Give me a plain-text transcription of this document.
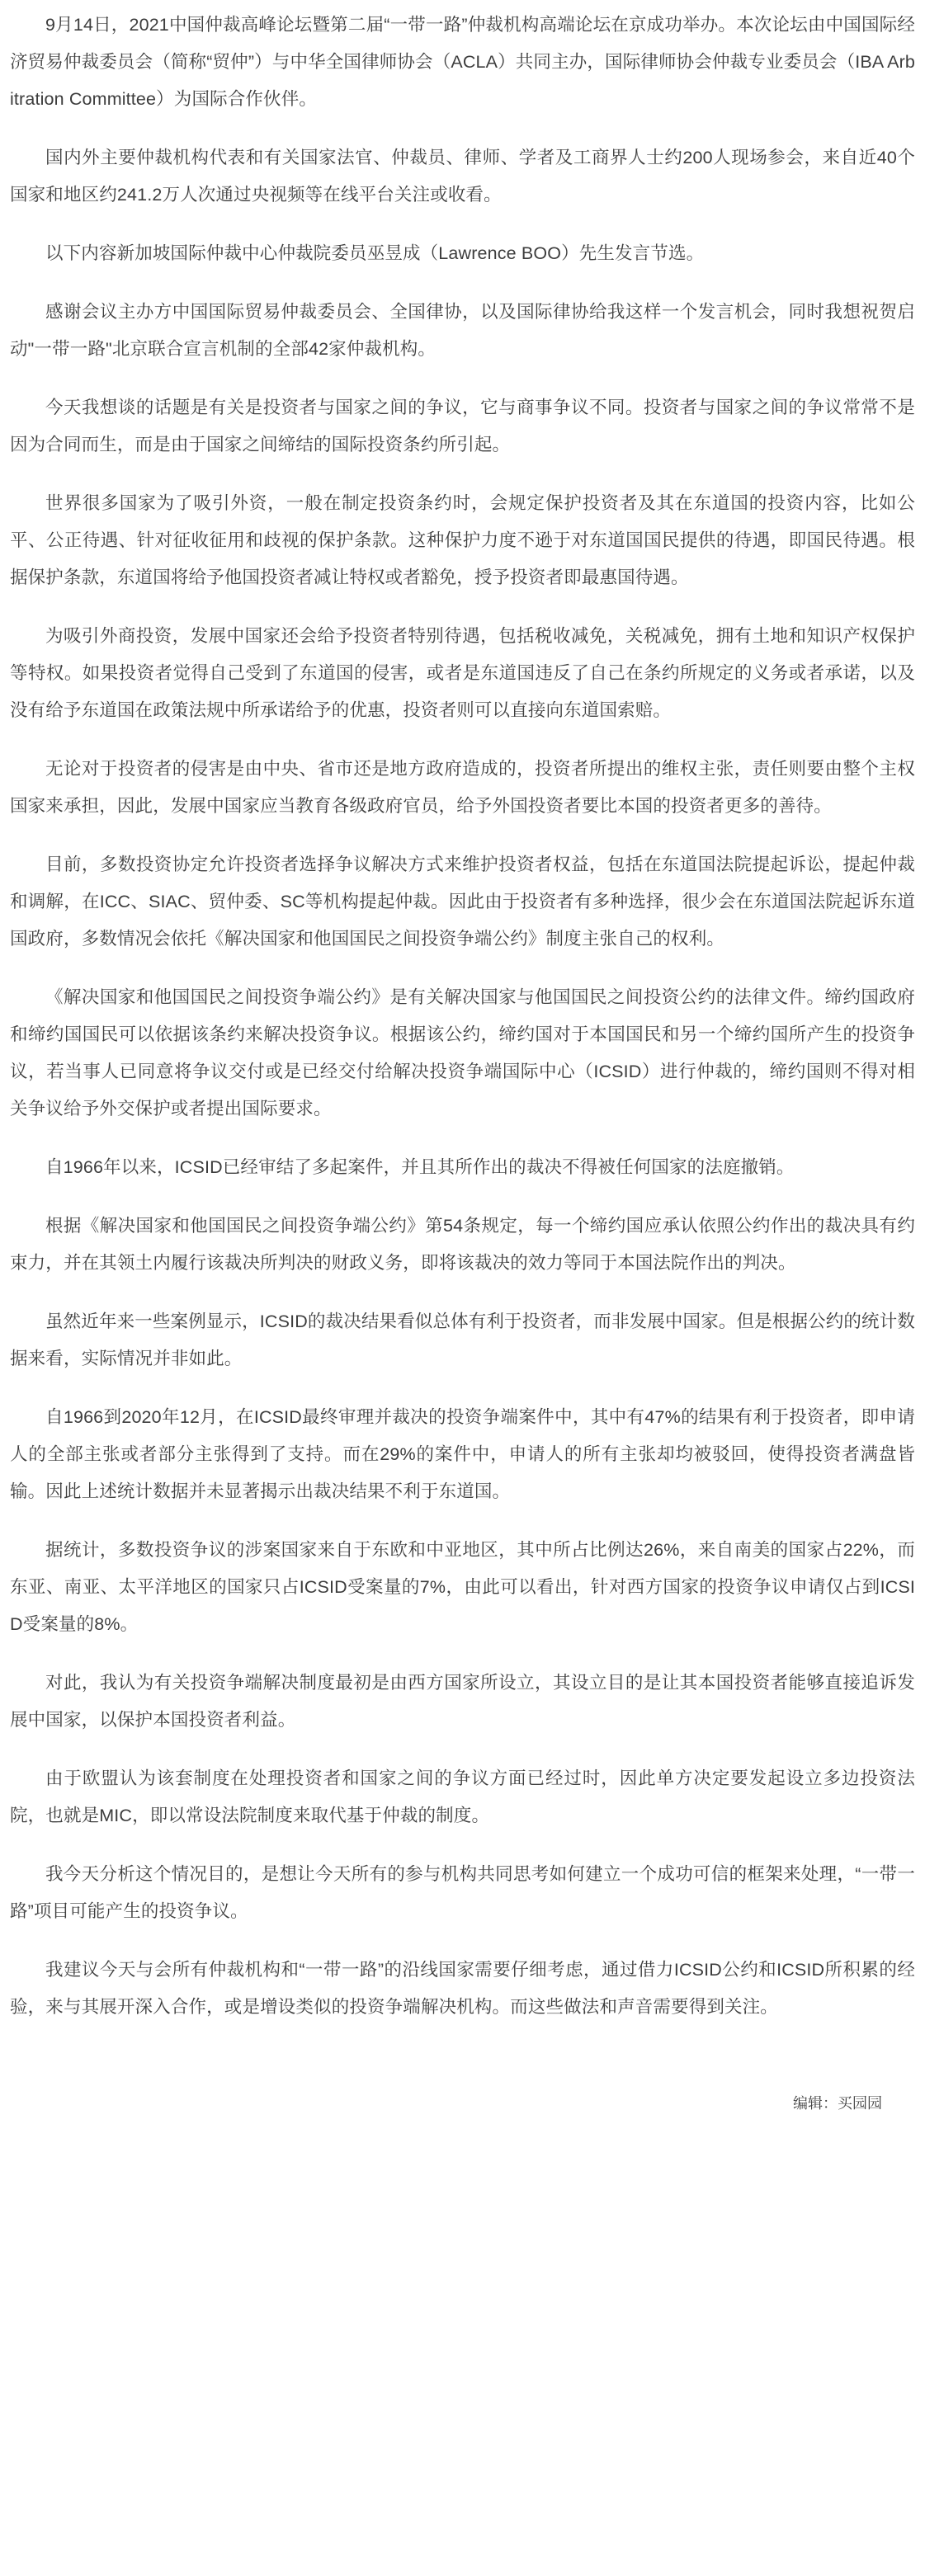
9月14日，2021中国仲裁高峰论坛暨第二届“一带一路”仲裁机构高端论坛在京成功举办。本次论坛由中国国际经济贸易仲裁委员会（简称“贸仲”）与中华全国律师协会（ACLA）共同主办，国际律师协会仲裁专业委员会（IBA Arbitration Committee）为国际合作伙伴。

国内外主要仲裁机构代表和有关国家法官、仲裁员、律师、学者及工商界人士约200人现场参会，来自近40个国家和地区约241.2万人次通过央视频等在线平台关注或收看。

以下内容新加坡国际仲裁中心仲裁院委员巫昱成（Lawrence BOO）先生发言节选。

感谢会议主办方中国国际贸易仲裁委员会、全国律协，以及国际律协给我这样一个发言机会，同时我想祝贺启动"一带一路"北京联合宣言机制的全部42家仲裁机构。

今天我想谈的话题是有关是投资者与国家之间的争议，它与商事争议不同。投资者与国家之间的争议常常不是因为合同而生，而是由于国家之间缔结的国际投资条约所引起。

世界很多国家为了吸引外资，一般在制定投资条约时，会规定保护投资者及其在东道国的投资内容，比如公平、公正待遇、针对征收征用和歧视的保护条款。这种保护力度不逊于对东道国国民提供的待遇，即国民待遇。根据保护条款，东道国将给予他国投资者减让特权或者豁免，授予投资者即最惠国待遇。

为吸引外商投资，发展中国家还会给予投资者特别待遇，包括税收减免，关税减免，拥有土地和知识产权保护等特权。如果投资者觉得自己受到了东道国的侵害，或者是东道国违反了自己在条约所规定的义务或者承诺，以及没有给予东道国在政策法规中所承诺给予的优惠，投资者则可以直接向东道国索赔。

无论对于投资者的侵害是由中央、省市还是地方政府造成的，投资者所提出的维权主张，责任则要由整个主权国家来承担，因此，发展中国家应当教育各级政府官员，给予外国投资者要比本国的投资者更多的善待。

目前，多数投资协定允许投资者选择争议解决方式来维护投资者权益，包括在东道国法院提起诉讼，提起仲裁和调解，在ICC、SIAC、贸仲委、SC等机构提起仲裁。因此由于投资者有多种选择，很少会在东道国法院起诉东道国政府，多数情况会依托《解决国家和他国国民之间投资争端公约》制度主张自己的权利。

《解决国家和他国国民之间投资争端公约》是有关解决国家与他国国民之间投资公约的法律文件。缔约国政府和缔约国国民可以依据该条约来解决投资争议。根据该公约，缔约国对于本国国民和另一个缔约国所产生的投资争议，若当事人已同意将争议交付或是已经交付给解决投资争端国际中心（ICSID）进行仲裁的，缔约国则不得对相关争议给予外交保护或者提出国际要求。

自1966年以来，ICSID已经审结了多起案件，并且其所作出的裁决不得被任何国家的法庭撤销。

根据《解决国家和他国国民之间投资争端公约》第54条规定，每一个缔约国应承认依照公约作出的裁决具有约束力，并在其领土内履行该裁决所判决的财政义务，即将该裁决的效力等同于本国法院作出的判决。

虽然近年来一些案例显示，ICSID的裁决结果看似总体有利于投资者，而非发展中国家。但是根据公约的统计数据来看，实际情况并非如此。

自1966到2020年12月，在ICSID最终审理并裁决的投资争端案件中，其中有47%的结果有利于投资者，即申请人的全部主张或者部分主张得到了支持。而在29%的案件中，申请人的所有主张却均被驳回，使得投资者满盘皆输。因此上述统计数据并未显著揭示出裁决结果不利于东道国。

据统计，多数投资争议的涉案国家来自于东欧和中亚地区，其中所占比例达26%，来自南美的国家占22%，而东亚、南亚、太平洋地区的国家只占ICSID受案量的7%，由此可以看出，针对西方国家的投资争议申请仅占到ICSID受案量的8%。

对此，我认为有关投资争端解决制度最初是由西方国家所设立，其设立目的是让其本国投资者能够直接追诉发展中国家，以保护本国投资者利益。

由于欧盟认为该套制度在处理投资者和国家之间的争议方面已经过时，因此单方决定要发起设立多边投资法院，也就是MIC，即以常设法院制度来取代基于仲裁的制度。

我今天分析这个情况目的，是想让今天所有的参与机构共同思考如何建立一个成功可信的框架来处理，“一带一路”项目可能产生的投资争议。

我建议今天与会所有仲裁机构和“一带一路”的沿线国家需要仔细考虑，通过借力ICSID公约和ICSID所积累的经验，来与其展开深入合作，或是增设类似的投资争端解决机构。而这些做法和声音需要得到关注。

编辑：买园园
